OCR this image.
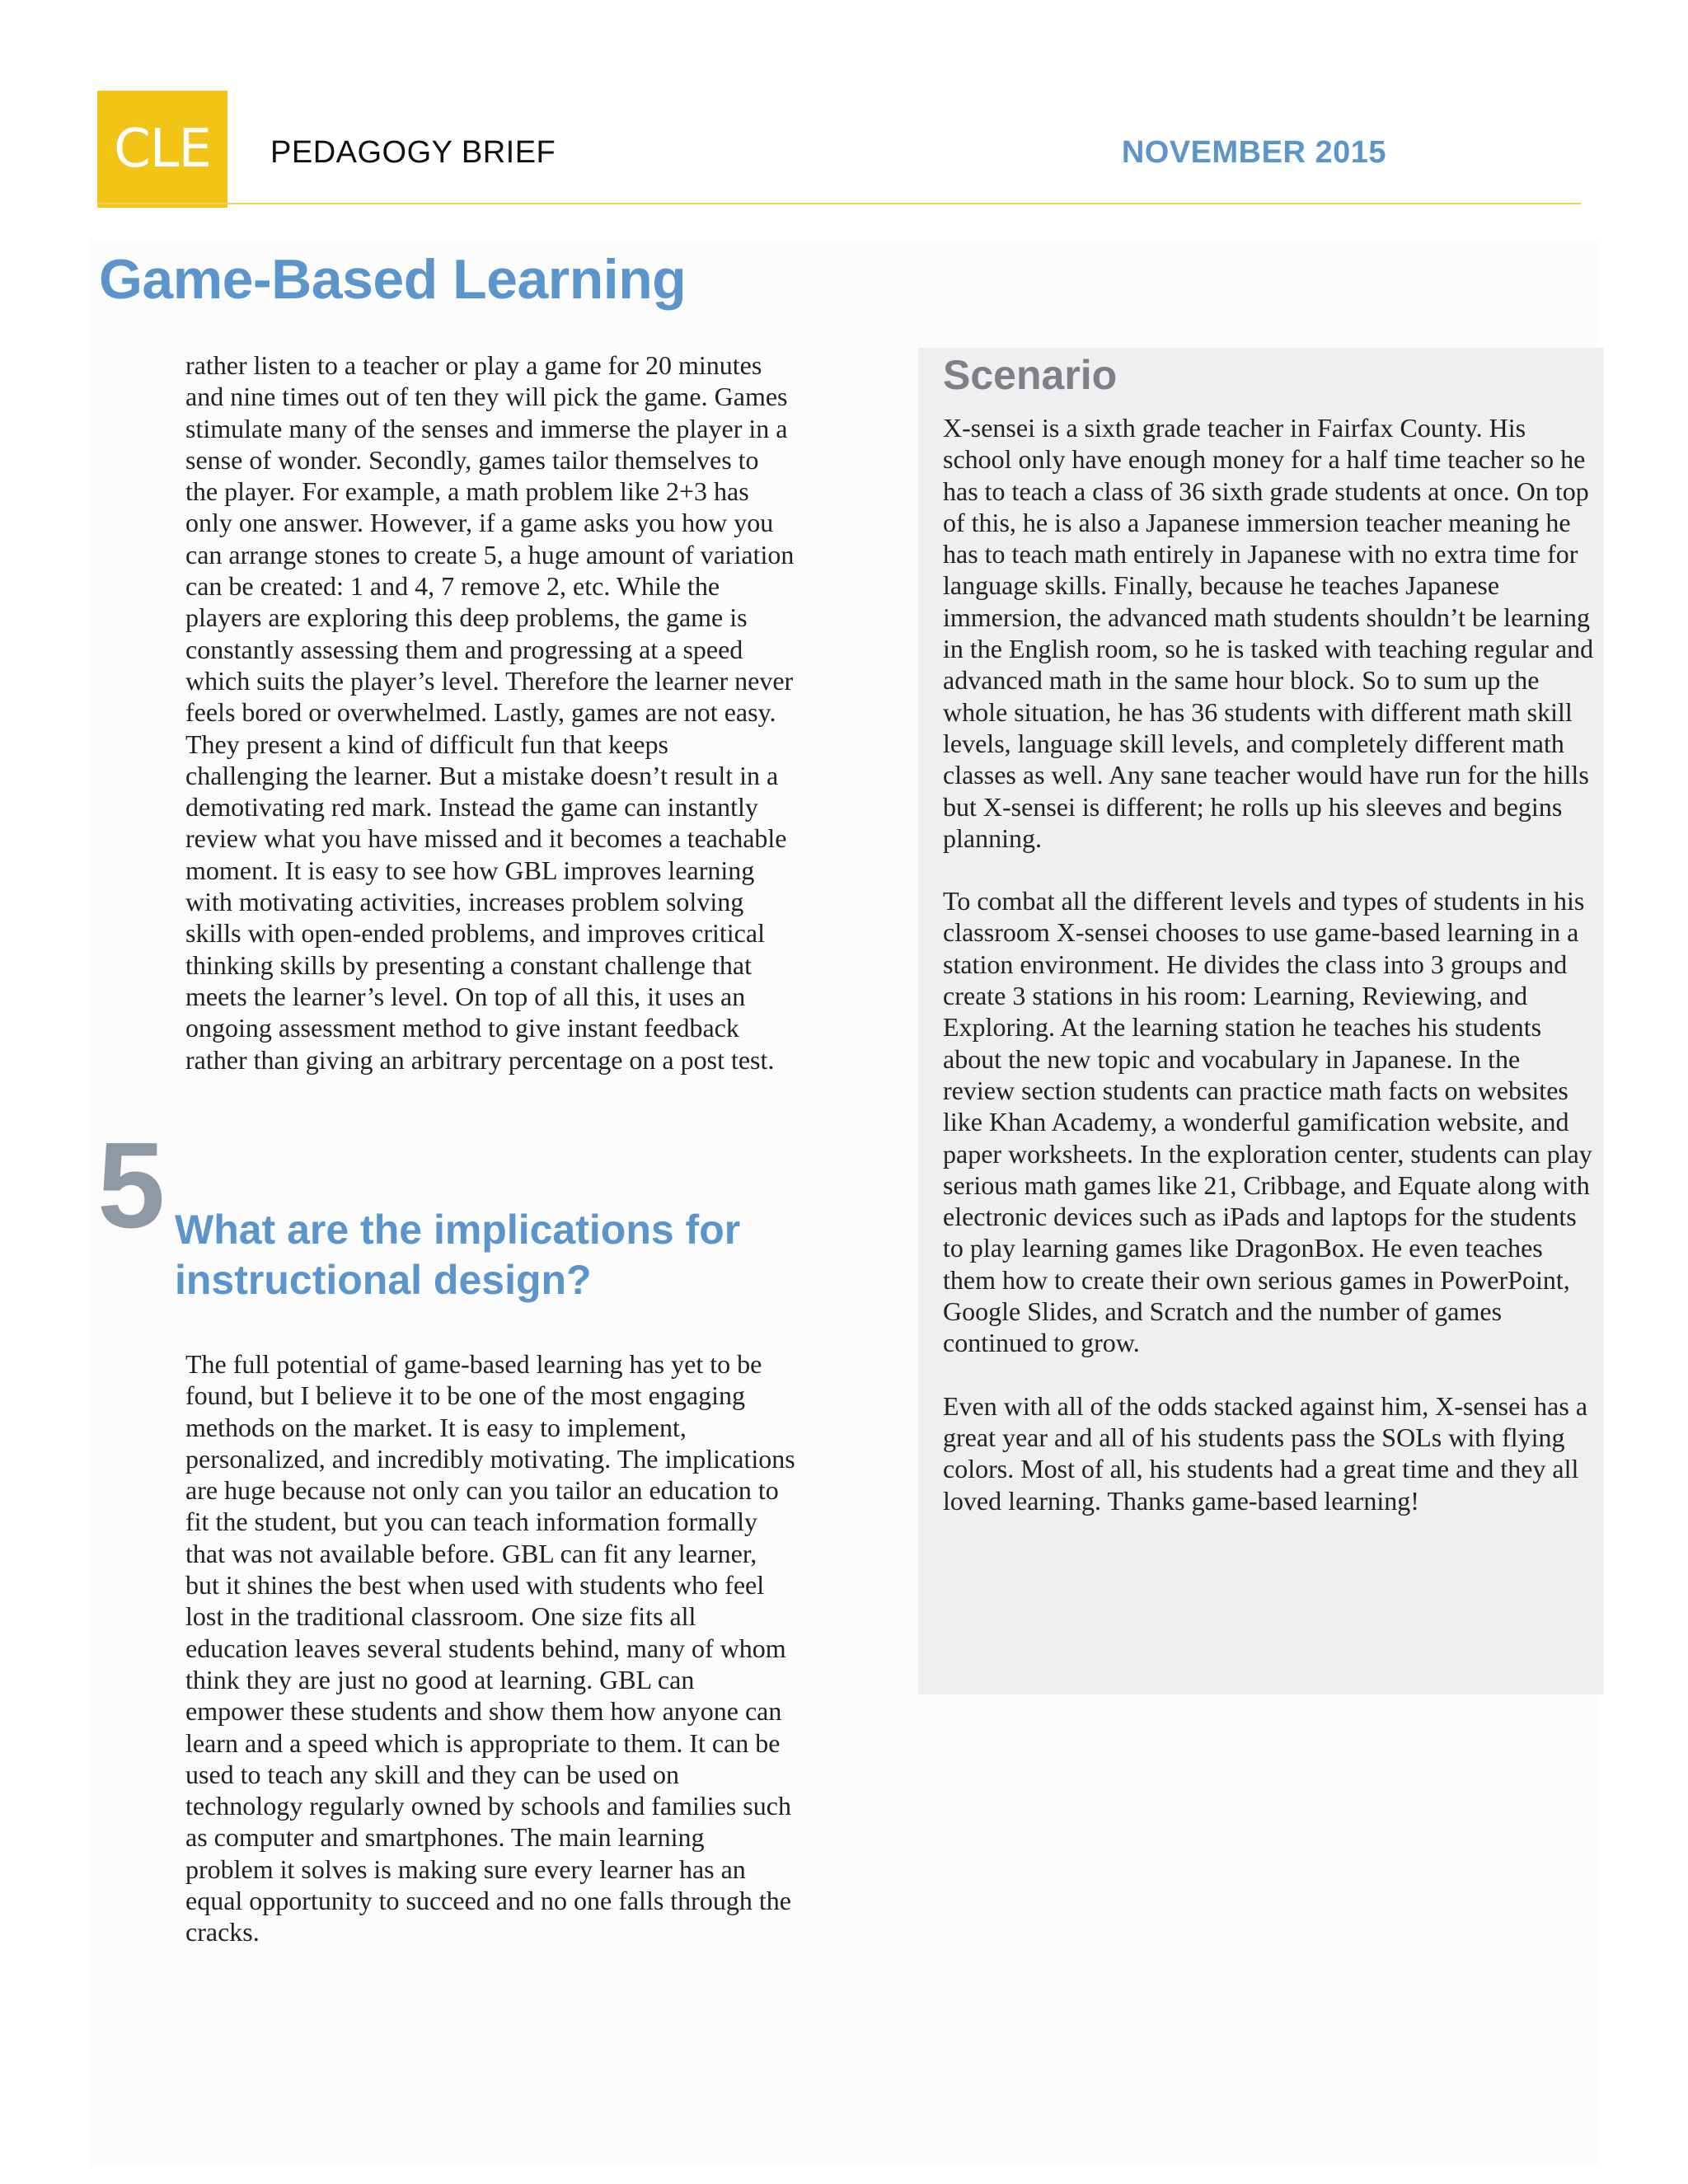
CLE PEDAGOGY BRIEF	NOVEMBER 2015
Game-Based Learning

rather listen to a teacher or play a game for 20 minutes and nine times out of ten they will pick the game. Games stimulate many of the senses and immerse the player in a sense of wonder. Secondly, games tailor themselves to the player. For example, a math problem like 2+3 has only one answer. However, if a game asks you how you can arrange stones to create 5, a huge amount of variation can be created: 1 and 4, 7 remove 2, etc. While the players are exploring this deep problems, the game is constantly assessing them and progressing at a speed which suits the player’s level. Therefore the learner never feels bored or overwhelmed. Lastly, games are not easy. They present a kind of difficult fun that keeps challenging the learner. But a mistake doesn’t result in a demotivating red mark. Instead the game can instantly review what you have missed and it becomes a teachable moment. It is easy to see how GBL improves learning with motivating activities, increases problem solving skills with open-ended problems, and improves critical thinking skills by presenting a constant challenge that meets the learner’s level. On top of all this, it uses an ongoing assessment method to give instant feedback rather than giving an arbitrary percentage on a post test.

5 What are the implications for instructional design?

The full potential of game-based learning has yet to be found, but I believe it to be one of the most engaging methods on the market. It is easy to implement, personalized, and incredibly motivating. The implications are huge because not only can you tailor an education to fit the student, but you can teach information formally that was not available before. GBL can fit any learner, but it shines the best when used with students who feel lost in the traditional classroom. One size fits all education leaves several students behind, many of whom think they are just no good at learning. GBL can empower these students and show them how anyone can learn and a speed which is appropriate to them. It can be used to teach any skill and they can be used on technology regularly owned by schools and families such as computer and smartphones. The main learning problem it solves is making sure every learner has an equal opportunity to succeed and no one falls through the cracks.

Scenario

X-sensei is a sixth grade teacher in Fairfax County. His school only have enough money for a half time teacher so he has to teach a class of 36 sixth grade students at once. On top of this, he is also a Japanese immersion teacher meaning he has to teach math entirely in Japanese with no extra time for language skills. Finally, because he teaches Japanese immersion, the advanced math students shouldn’t be learning in the English room, so he is tasked with teaching regular and advanced math in the same hour block. So to sum up the whole situation, he has 36 students with different math skill levels, language skill levels, and completely different math classes as well. Any sane teacher would have run for the hills but X-sensei is different; he rolls up his sleeves and begins planning.

To combat all the different levels and types of students in his classroom X-sensei chooses to use game-based learning in a station environment. He divides the class into 3 groups and create 3 stations in his room: Learning, Reviewing, and Exploring. At the learning station he teaches his students about the new topic and vocabulary in Japanese. In the review section students can practice math facts on websites like Khan Academy, a wonderful gamification website, and paper worksheets. In the exploration center, students can play serious math games like 21, Cribbage, and Equate along with electronic devices such as iPads and laptops for the students to play learning games like DragonBox. He even teaches them how to create their own serious games in PowerPoint, Google Slides, and Scratch and the number of games continued to grow.

Even with all of the odds stacked against him, X-sensei has a great year and all of his students pass the SOLs with flying colors. Most of all, his students had a great time and they all loved learning. Thanks game-based learning!
